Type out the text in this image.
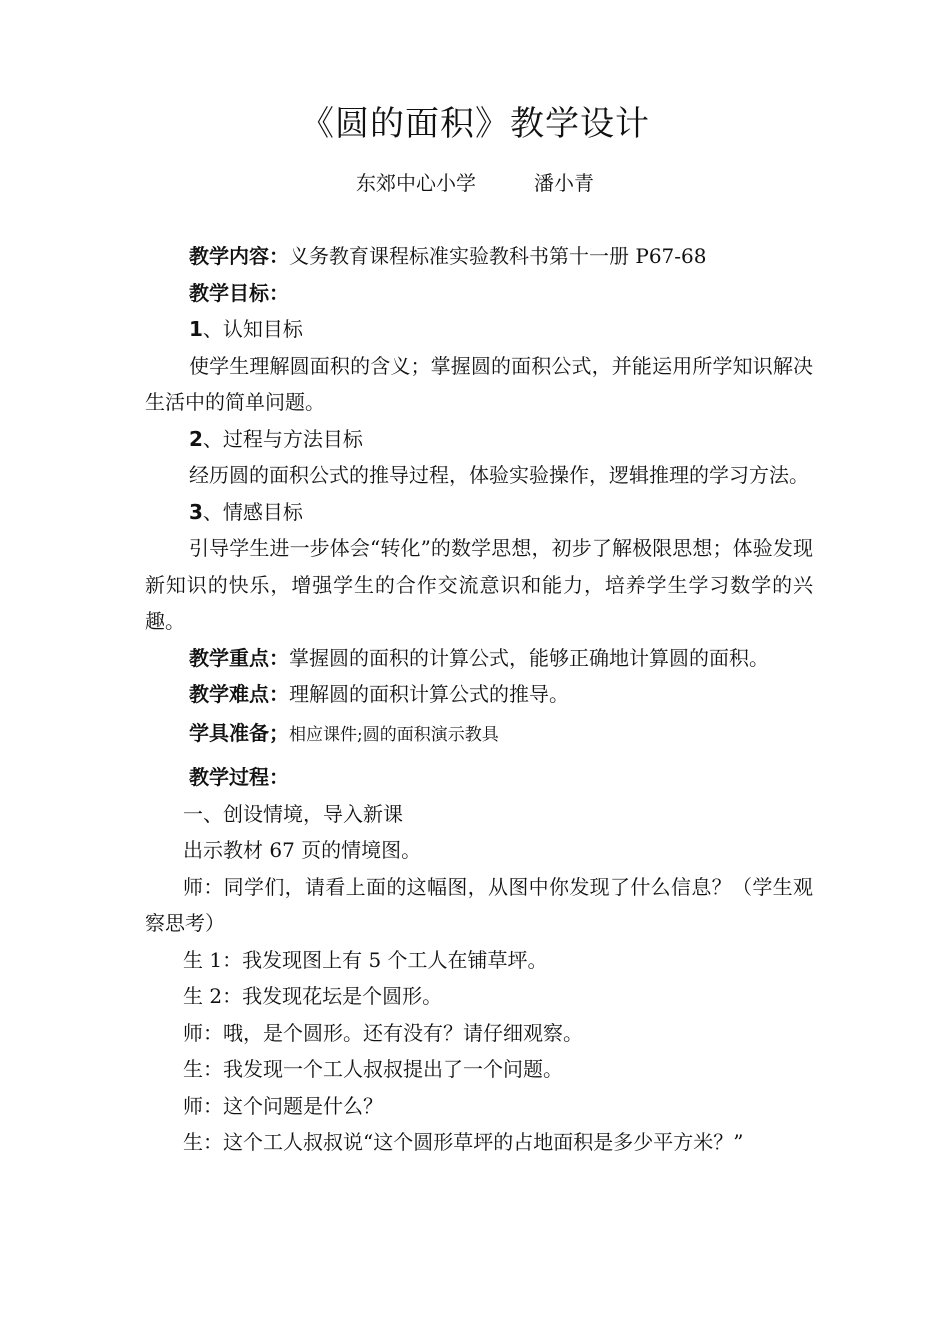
《圆的面积》教学设计
东郊中心小学	潘小青

教学内容：义务教育课程标准实验教科书第十一册 P67-68

教学目标：

1、认知目标

使学生理解圆面积的含义；掌握圆的面积公式，并能运用所学知识解决生活中的简单问题。

2、过程与方法目标

经历圆的面积公式的推导过程，体验实验操作，逻辑推理的学习方法。

3、情感目标

引导学生进一步体会“转化”的数学思想，初步了解极限思想；体验发现新知识的快乐，增强学生的合作交流意识和能力，培养学生学习数学的兴趣。

教学重点：掌握圆的面积的计算公式，能够正确地计算圆的面积。

教学难点：理解圆的面积计算公式的推导。

学具准备；相应课件;圆的面积演示教具

教学过程：

一、创设情境，导入新课

出示教材 67 页的情境图。

师：同学们，请看上面的这幅图，从图中你发现了什么信息？（学生观察思考）

生 1：我发现图上有 5 个工人在铺草坪。

生 2：我发现花坛是个圆形。

师：哦，是个圆形。还有没有？请仔细观察。

生：我发现一个工人叔叔提出了一个问题。

师：这个问题是什么？

生：这个工人叔叔说“这个圆形草坪的占地面积是多少平方米？”
